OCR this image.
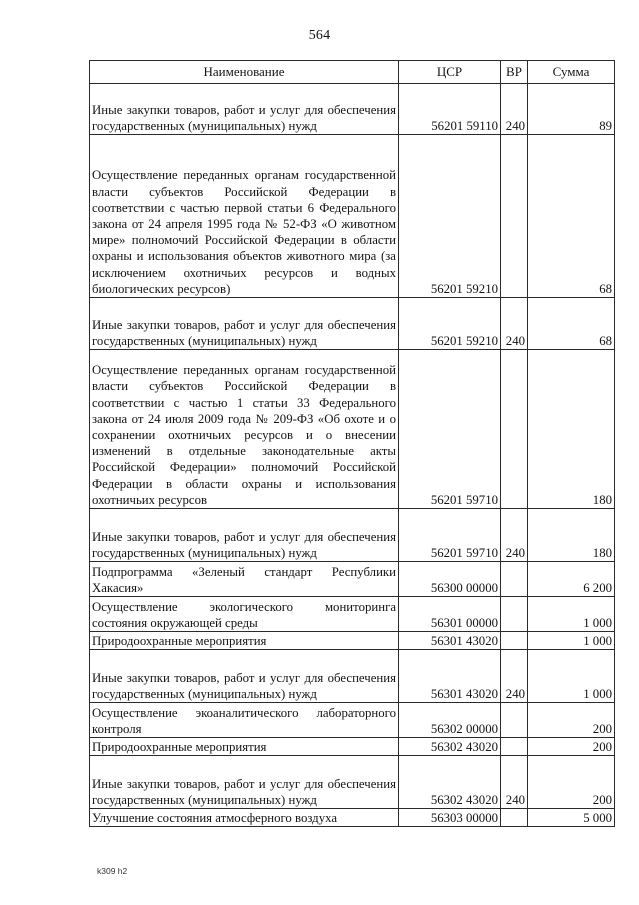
564
Наименование	ЦСР	ВР	Сумма
Иные закупки товаров, работ и услуг для обеспечения государственных (муниципальных) нужд	56201 59110	240	89
Осуществление переданных органам государственной власти субъектов Российской Федерации в соответствии с частью первой статьи 6 Федерального закона от 24 апреля 1995 года № 52-ФЗ «О животном мире» полномочий Российской Федерации в области охраны и использования объектов животного мира (за исключением охотничьих ресурсов и водных биологических ресурсов)	56201 59210		68
Иные закупки товаров, работ и услуг для обеспечения государственных (муниципальных) нужд	56201 59210	240	68
Осуществление переданных органам государственной власти субъектов Российской Федерации в соответствии с частью 1 статьи 33 Федерального закона от 24 июля 2009 года № 209-ФЗ «Об охоте и о сохранении охотничьих ресурсов и о внесении изменений в отдельные законодательные акты Российской Федерации» полномочий Российской Федерации в области охраны и использования охотничьих ресурсов	56201 59710		180
Иные закупки товаров, работ и услуг для обеспечения государственных (муниципальных) нужд	56201 59710	240	180
Подпрограмма «Зеленый стандарт Республики Хакасия»	56300 00000		6 200
Осуществление экологического мониторинга состояния окружающей среды	56301 00000		1 000
Природоохранные мероприятия	56301 43020		1 000
Иные закупки товаров, работ и услуг для обеспечения государственных (муниципальных) нужд	56301 43020	240	1 000
Осуществление экоаналитического лабораторного контроля	56302 00000		200
Природоохранные мероприятия	56302 43020		200
Иные закупки товаров, работ и услуг для обеспечения государственных (муниципальных) нужд	56302 43020	240	200
Улучшение состояния атмосферного воздуха	56303 00000		5 000
k309 h2
